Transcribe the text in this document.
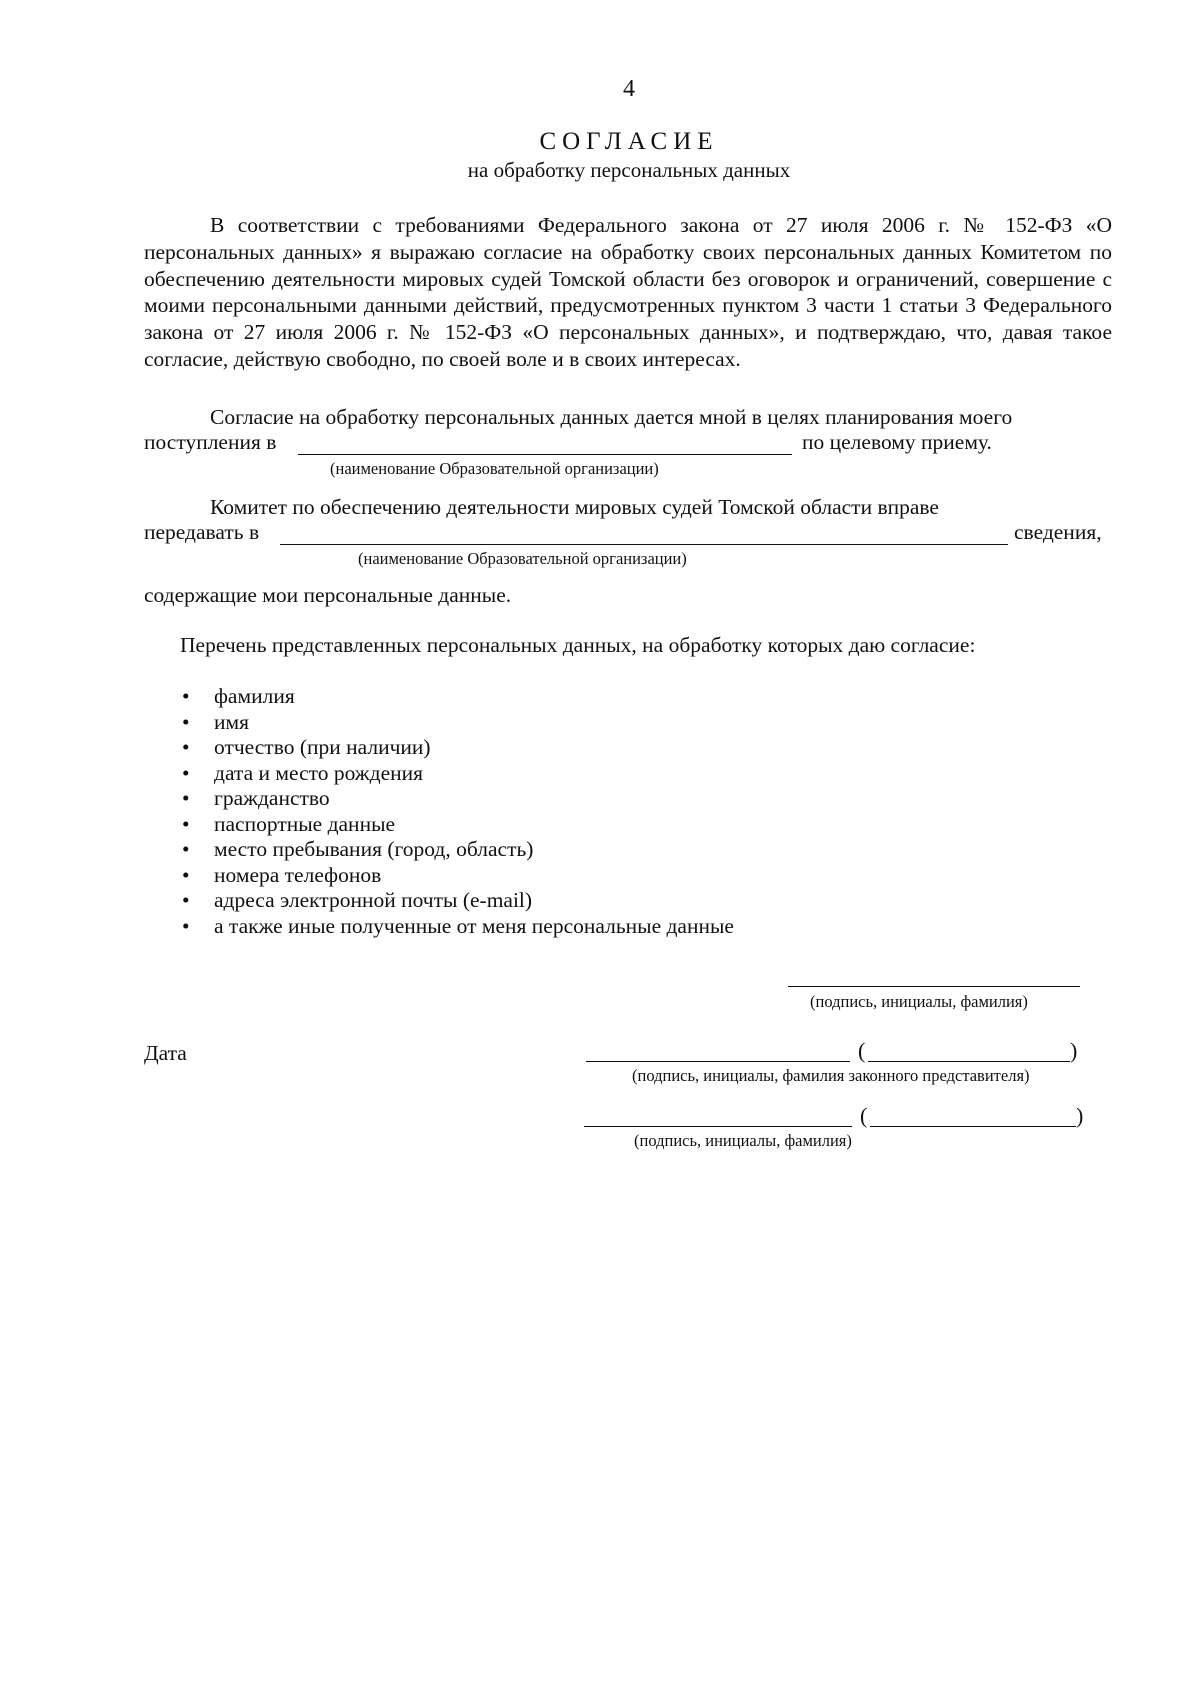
4
СОГЛАСИЕ
на обработку персональных данных
В соответствии с требованиями Федерального закона от 27 июля 2006 г. № 152-ФЗ «О персональных данных» я выражаю согласие на обработку своих персональных данных Комитетом по обеспечению деятельности мировых судей Томской области без оговорок и ограничений, совершение с моими персональными данными действий, предусмотренных пунктом 3 части 1 статьи 3 Федерального закона от 27 июля 2006 г. № 152-ФЗ «О персональных данных», и подтверждаю, что, давая такое согласие, действую свободно, по своей воле и в своих интересах.
Согласие на обработку персональных данных дается мной в целях планирования моего
поступления в	по целевому приему.
(наименование Образовательной организации)
Комитет по обеспечению деятельности мировых судей Томской области вправе
передавать в	сведения,
(наименование Образовательной организации)
содержащие мои персональные данные.
Перечень представленных персональных данных, на обработку которых даю согласие:
• фамилия
• имя
• отчество (при наличии)
• дата и место рождения
• гражданство
• паспортные данные
• место пребывания (город, область)
• номера телефонов
• адреса электронной почты (e-mail)
• а также иные полученные от меня персональные данные
(подпись, инициалы, фамилия)
Дата	(	)
(подпись, инициалы, фамилия законного представителя)
(	)
(подпись, инициалы, фамилия)
